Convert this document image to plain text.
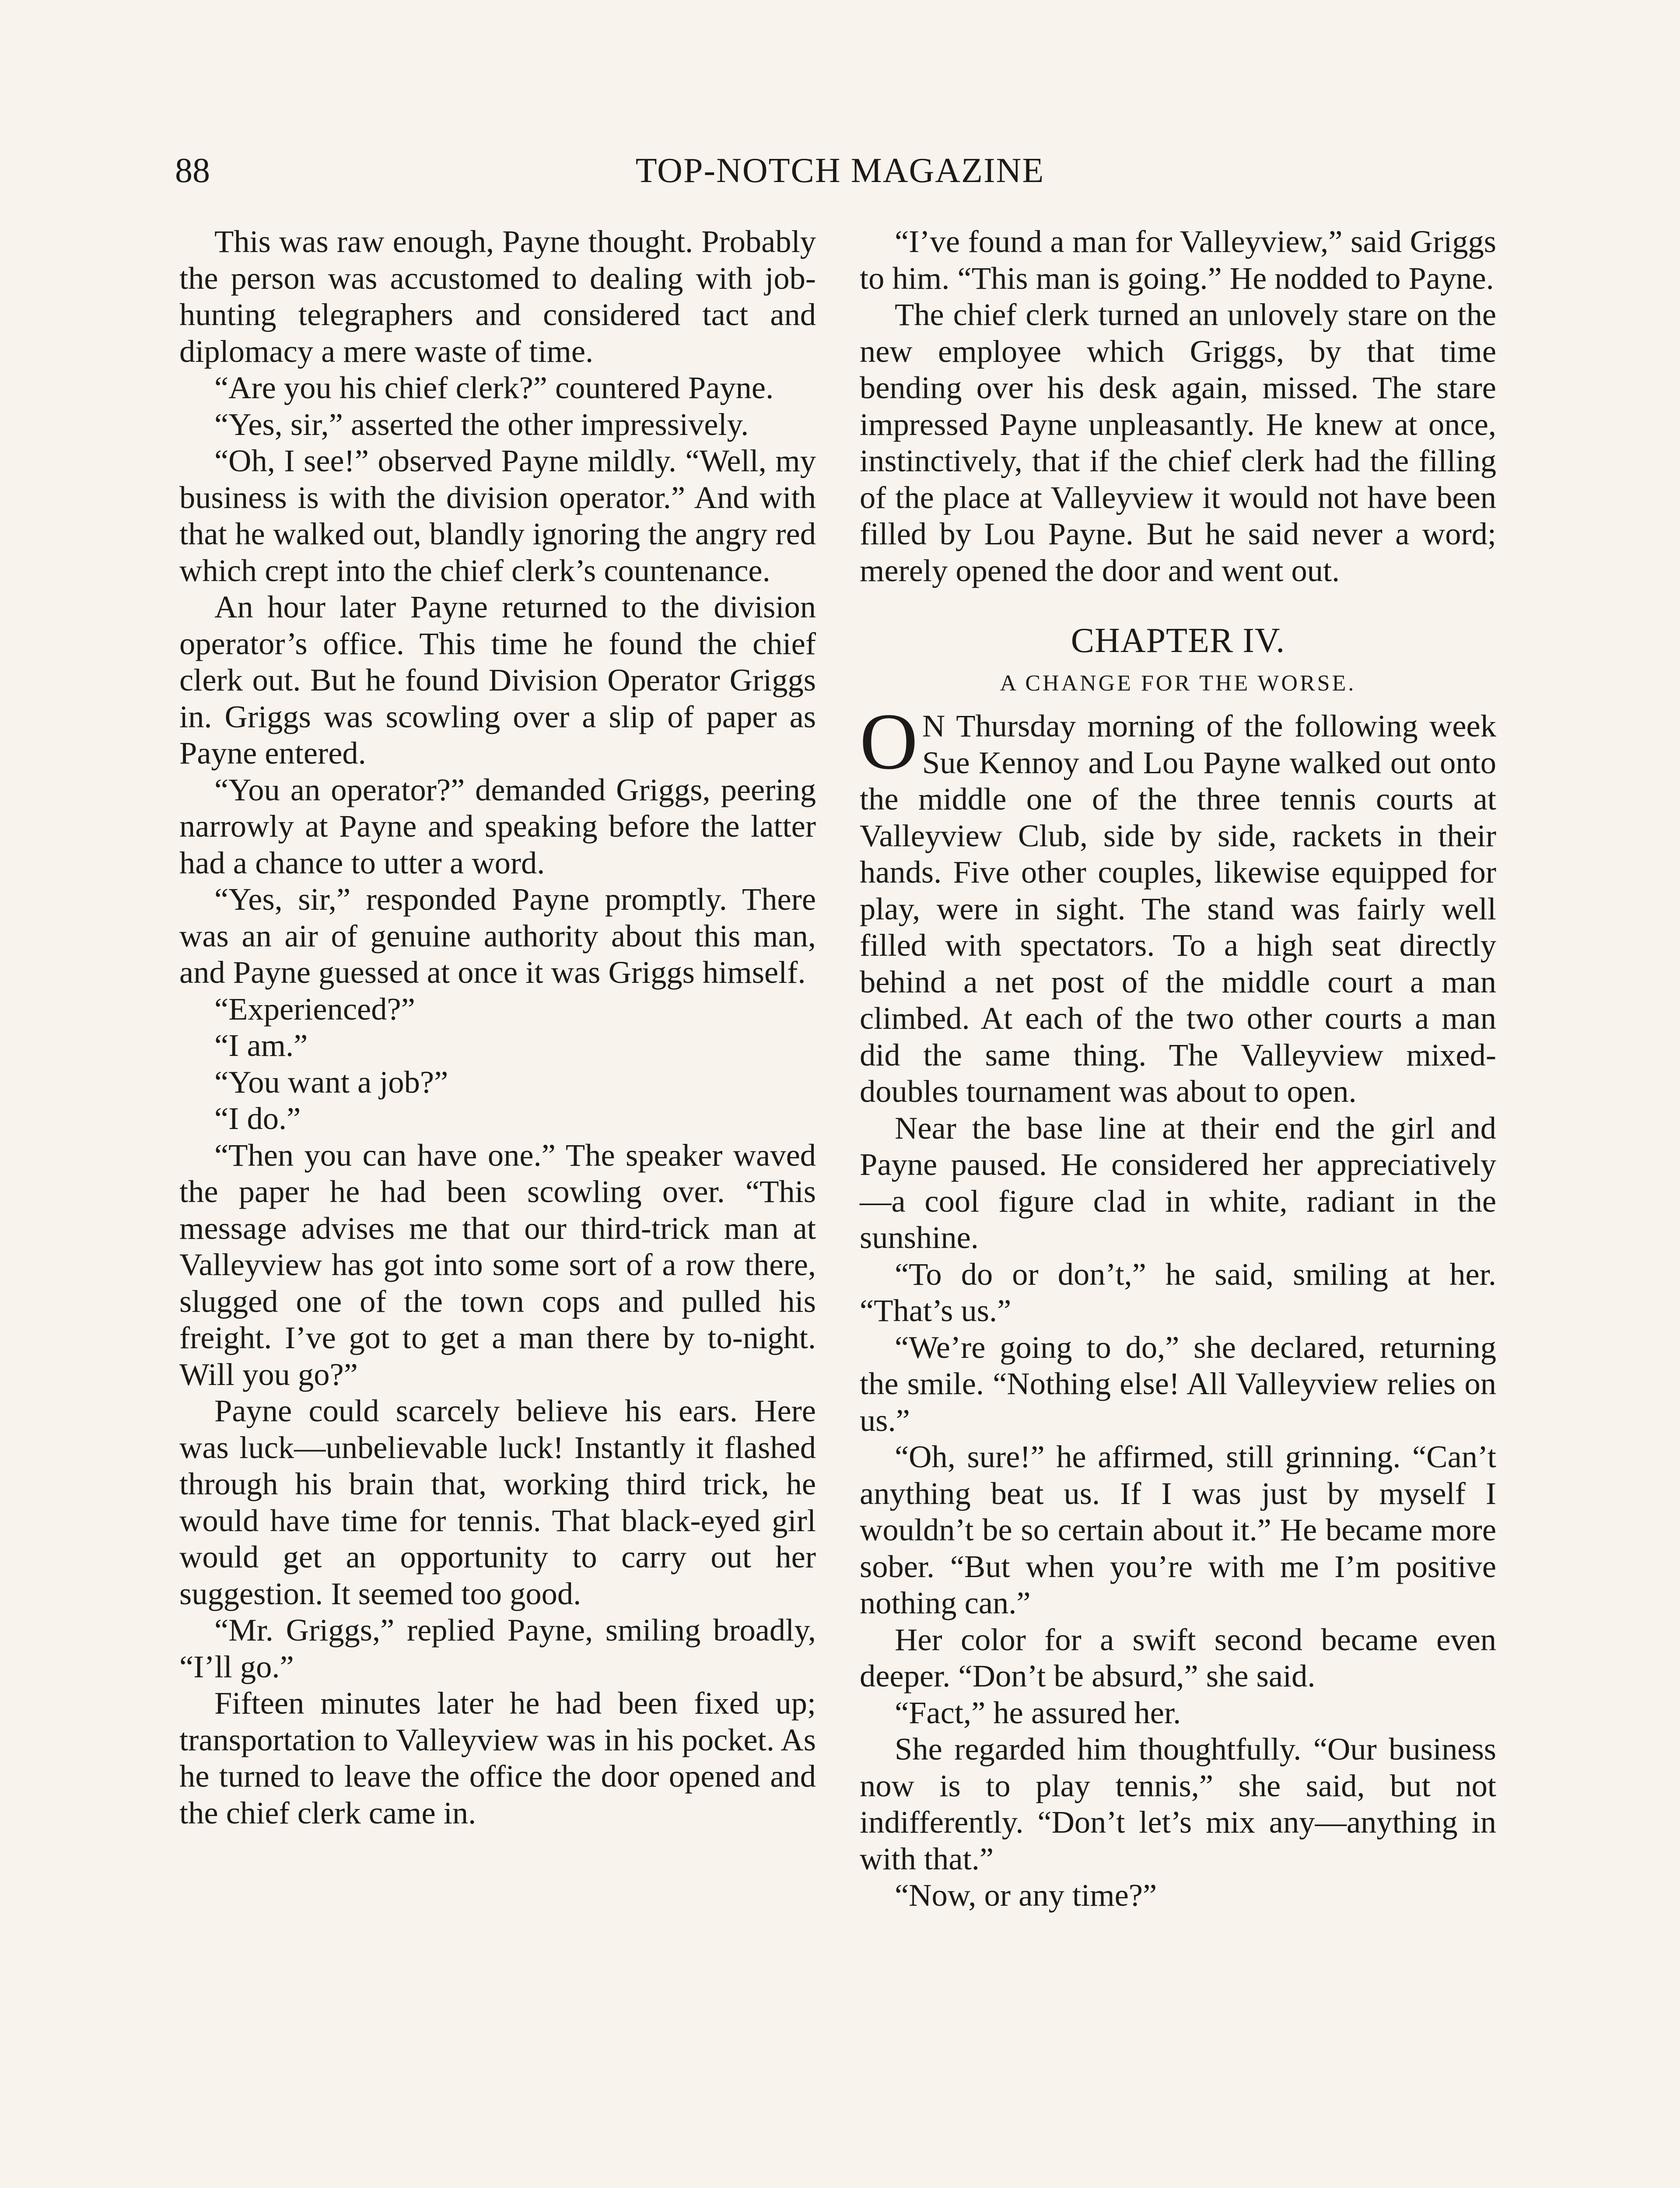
88	TOP-NOTCH MAGAZINE

This was raw enough, Payne thought. Probably the person was accustomed to dealing with job-hunting telegraphers and considered tact and diplomacy a mere waste of time.

“Are you his chief clerk?” countered Payne.

“Yes, sir,” asserted the other impressively.

“Oh, I see!” observed Payne mildly. “Well, my business is with the division operator.” And with that he walked out, blandly ignoring the angry red which crept into the chief clerk’s countenance.

An hour later Payne returned to the division operator’s office. This time he found the chief clerk out. But he found Division Operator Griggs in. Griggs was scowling over a slip of paper as Payne entered.

“You an operator?” demanded Griggs, peering narrowly at Payne and speaking before the latter had a chance to utter a word.

“Yes, sir,” responded Payne promptly. There was an air of genuine authority about this man, and Payne guessed at once it was Griggs himself.

“Experienced?”

“I am.”

“You want a job?”

“I do.”

“Then you can have one.” The speaker waved the paper he had been scowling over. “This message advises me that our third-trick man at Valleyview has got into some sort of a row there, slugged one of the town cops and pulled his freight. I’ve got to get a man there by to-night. Will you go?”

Payne could scarcely believe his ears. Here was luck—unbelievable luck! Instantly it flashed through his brain that, working third trick, he would have time for tennis. That black-eyed girl would get an opportunity to carry out her suggestion. It seemed too good.

“Mr. Griggs,” replied Payne, smiling broadly, “I’ll go.”

Fifteen minutes later he had been fixed up; transportation to Valleyview was in his pocket. As he turned to leave the office the door opened and the chief clerk came in.

“I’ve found a man for Valleyview,” said Griggs to him. “This man is going.” He nodded to Payne.

The chief clerk turned an unlovely stare on the new employee which Griggs, by that time bending over his desk again, missed. The stare impressed Payne unpleasantly. He knew at once, instinctively, that if the chief clerk had the filling of the place at Valleyview it would not have been filled by Lou Payne. But he said never a word; merely opened the door and went out.

CHAPTER IV.

A CHANGE FOR THE WORSE.

O N Thursday morning of the following week Sue Kennoy and Lou Payne walked out onto the middle one of the three tennis courts at Valleyview Club, side by side, rackets in their hands. Five other couples, likewise equipped for play, were in sight. The stand was fairly well filled with spectators. To a high seat directly behind a net post of the middle court a man climbed. At each of the two other courts a man did the same thing. The Valleyview mixed-doubles tournament was about to open.

Near the base line at their end the girl and Payne paused. He considered her appreciatively—a cool figure clad in white, radiant in the sunshine.

“To do or don’t,” he said, smiling at her. “That’s us.”

“We’re going to do,” she declared, returning the smile. “Nothing else! All Valleyview relies on us.”

“Oh, sure!” he affirmed, still grinning. “Can’t anything beat us. If I was just by myself I wouldn’t be so certain about it.” He became more sober. “But when you’re with me I’m positive nothing can.”

Her color for a swift second became even deeper. “Don’t be absurd,” she said.

“Fact,” he assured her.

She regarded him thoughtfully. “Our business now is to play tennis,” she said, but not indifferently. “Don’t let’s mix any—anything in with that.”

“Now, or any time?”
